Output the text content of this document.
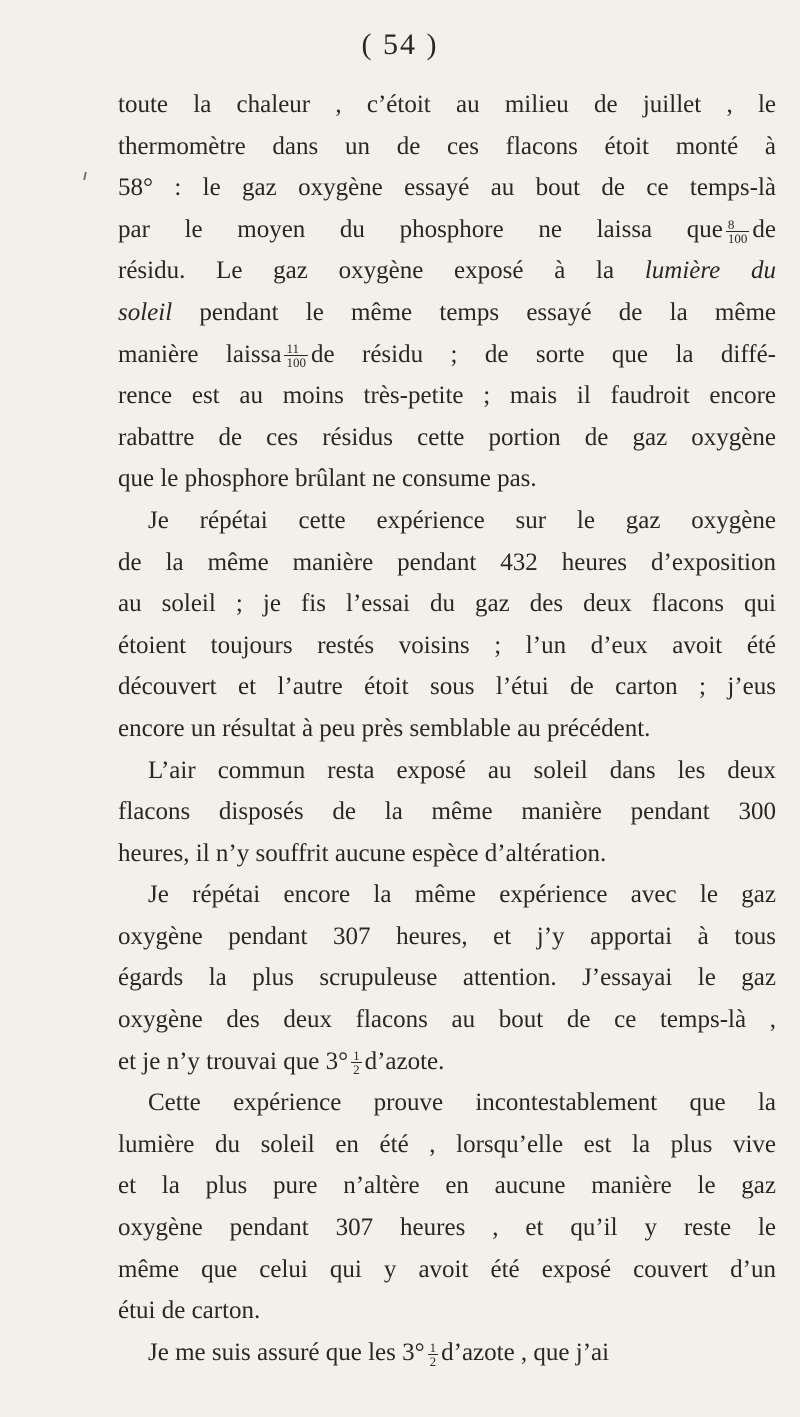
( 54 )
toute la chaleur , c’étoit au milieu de juillet , le
thermomètre dans un de ces flacons étoit monté à
58° : le gaz oxygène essayé au bout de ce temps-là
par le moyen du phosphore ne laissa que $\frac{8}{100}$ de
résidu. Le gaz oxygène exposé à la lumière du
soleil pendant le même temps essayé de la même
manière laissa $\frac{11}{100}$ de résidu ; de sorte que la diffé-
rence est au moins très-petite ; mais il faudroit encore
rabattre de ces résidus cette portion de gaz oxygène
que le phosphore brûlant ne consume pas.
Je répétai cette expérience sur le gaz oxygène
de la même manière pendant 432 heures d’exposition
au soleil ; je fis l’essai du gaz des deux flacons qui
étoient toujours restés voisins ; l’un d’eux avoit été
découvert et l’autre étoit sous l’étui de carton ; j’eus
encore un résultat à peu près semblable au précédent.
L’air commun resta exposé au soleil dans les deux
flacons disposés de la même manière pendant 300
heures, il n’y souffrit aucune espèce d’altération.
Je répétai encore la même expérience avec le gaz
oxygène pendant 307 heures, et j’y apportai à tous
égards la plus scrupuleuse attention. J’essayai le gaz
oxygène des deux flacons au bout de ce temps-là ,
et je n’y trouvai que $3^\circ \frac{1}{2}$ d’azote.
Cette expérience prouve incontestablement que la
lumière du soleil en été , lorsqu’elle est la plus vive
et la plus pure n’altère en aucune manière le gaz
oxygène pendant 307 heures , et qu’il y reste le
même que celui qui y avoit été exposé couvert d’un
étui de carton.
Je me suis assuré que les $3^\circ \frac{1}{2}$ d’azote , que j’ai
